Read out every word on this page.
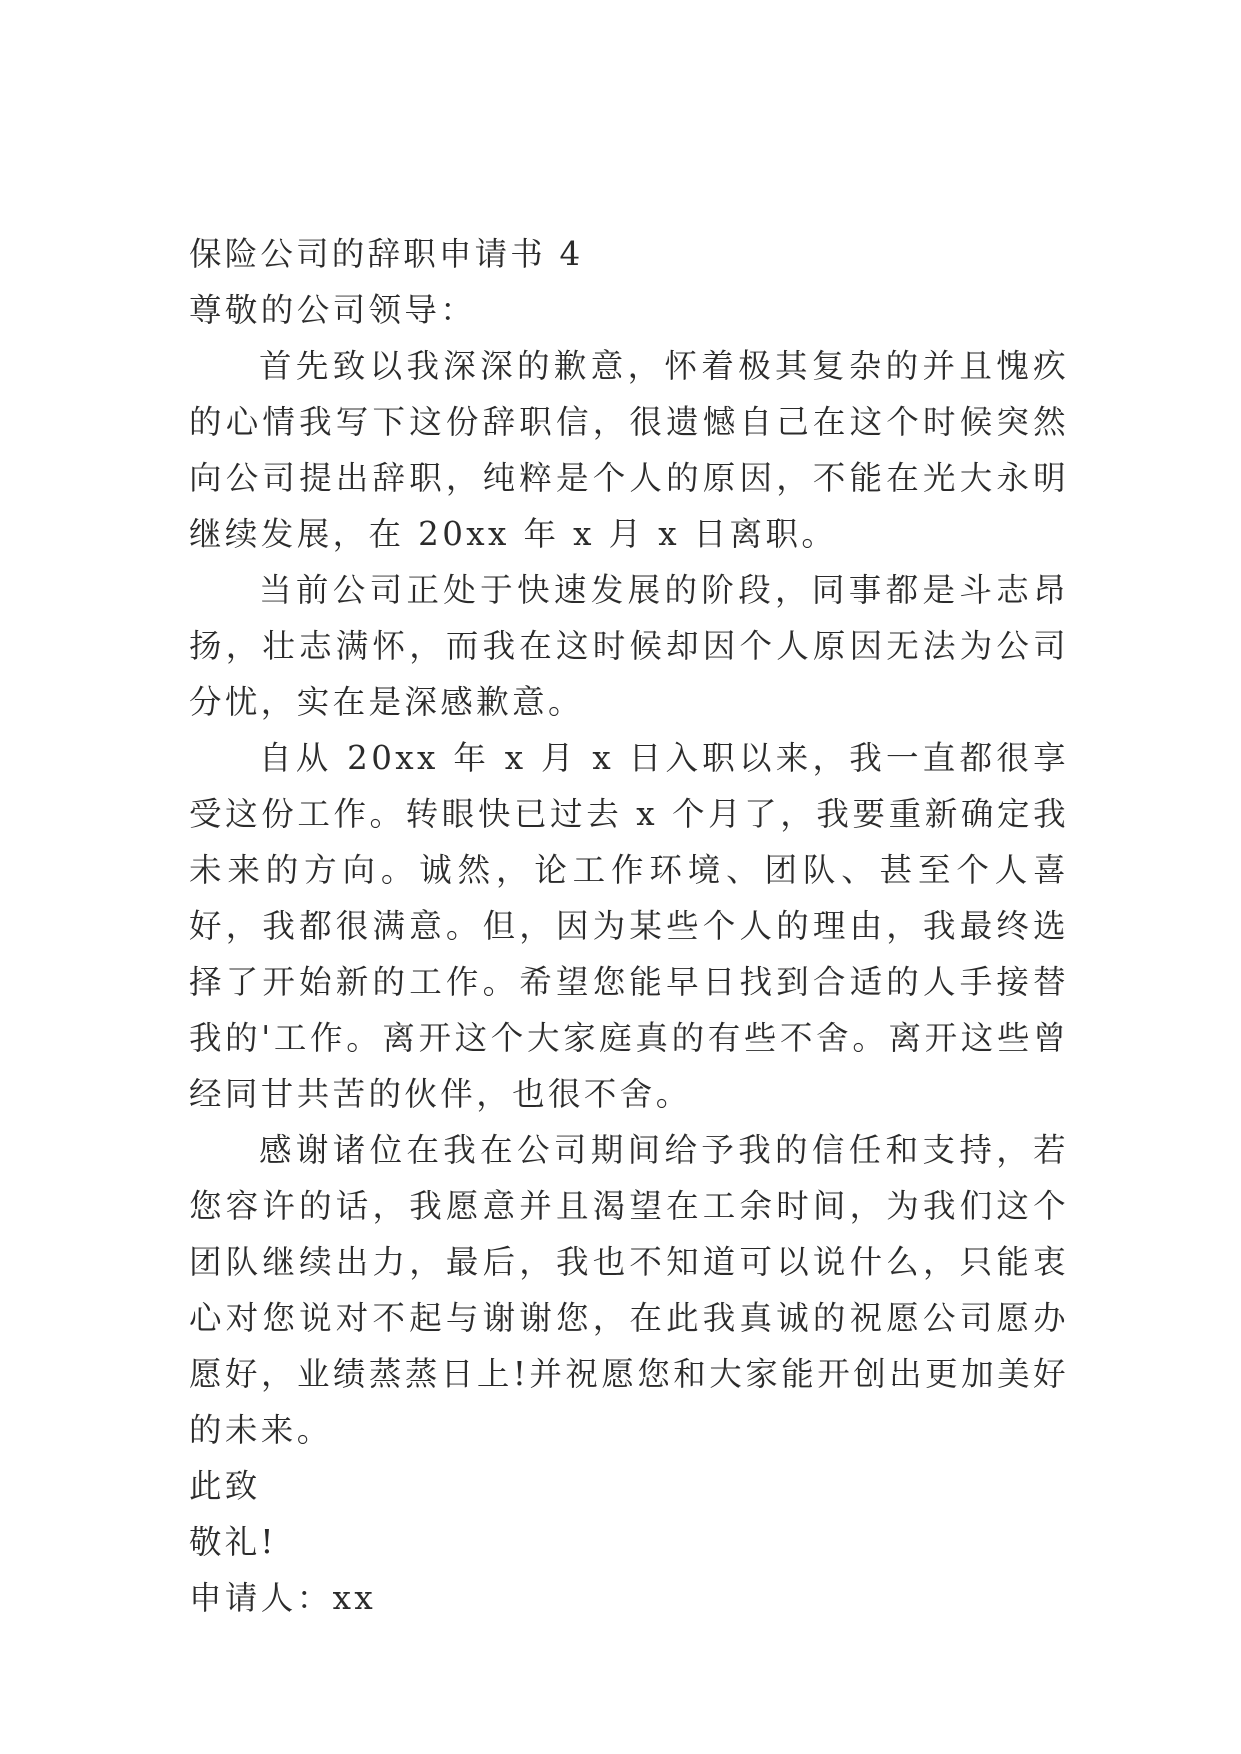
保险公司的辞职申请书 4
尊敬的公司领导：

首先致以我深深的歉意，怀着极其复杂的并且愧疚的心情我写下这份辞职信，很遗憾自己在这个时候突然向公司提出辞职，纯粹是个人的原因，不能在光大永明继续发展，在 20xx 年 x 月 x 日离职。

当前公司正处于快速发展的阶段，同事都是斗志昂扬，壮志满怀，而我在这时候却因个人原因无法为公司分忧，实在是深感歉意。

自从 20xx 年 x 月 x 日入职以来，我一直都很享受这份工作。转眼快已过去 x 个月了，我要重新确定我未来的方向。诚然，论工作环境、团队、甚至个人喜好，我都很满意。但，因为某些个人的理由，我最终选择了开始新的工作。希望您能早日找到合适的人手接替我的'工作。离开这个大家庭真的有些不舍。离开这些曾经同甘共苦的伙伴，也很不舍。

感谢诸位在我在公司期间给予我的信任和支持，若您容许的话，我愿意并且渴望在工余时间，为我们这个团队继续出力，最后，我也不知道可以说什么，只能衷心对您说对不起与谢谢您，在此我真诚的祝愿公司愿办愿好，业绩蒸蒸日上!并祝愿您和大家能开创出更加美好的未来。

此致
敬礼!
申请人：xx
